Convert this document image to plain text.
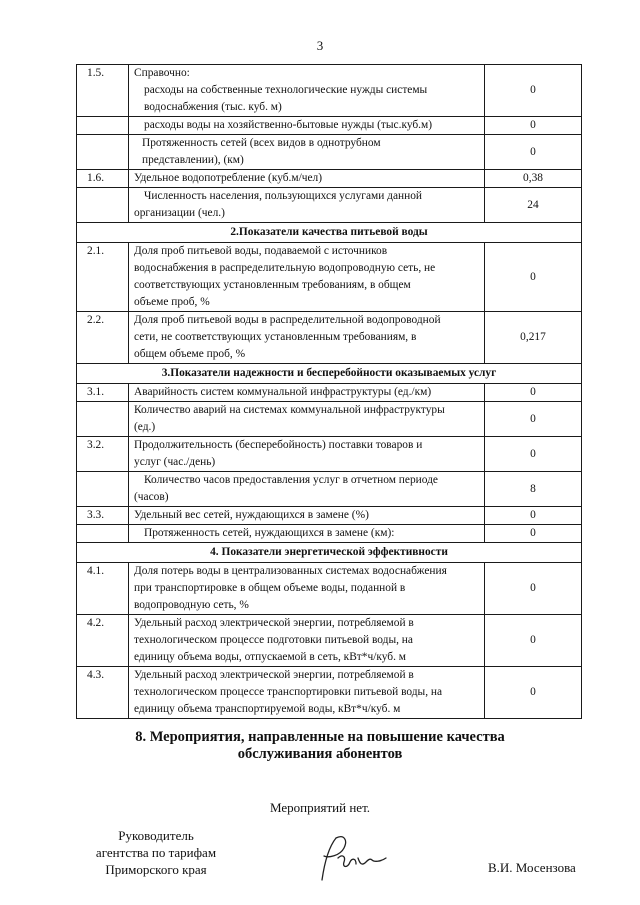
3
1.5.	Справочно:
расходы на собственные технологические нужды системы
водоснабжения (тыс. куб. м)	0

	расходы воды на хозяйственно-бытовые нужды (тыс.куб.м)	0

	Протяженность сетей (всех видов в однотрубном
представлении), (км)	0
1.6.	Удельное водопотребление (куб.м/чел)	0,38

	Численность населения, пользующихся услугами данной
организации (чел.)	24
2.Показатели качества питьевой воды		
2.1.	Доля проб питьевой воды, подаваемой с источников
водоснабжения в распределительную водопроводную сеть, не
соответствующих установленным требованиям, в общем
объеме проб, %	0
2.2.	Доля проб питьевой воды в распределительной водопроводной
сети, не соответствующих установленным требованиям, в
общем объеме проб, %	0,217
3.Показатели надежности и бесперебойности оказываемых услуг		
3.1.	Аварийность систем коммунальной инфраструктуры (ед./км)	0

	Количество аварий на системах коммунальной инфраструктуры
(ед.)	0
3.2.	Продолжительность (бесперебойность) поставки товаров и
услуг (час./день)	0

	Количество часов предоставления услуг в отчетном периоде
(часов)	8
3.3.	Удельный вес сетей, нуждающихся в замене (%)	0

	Протяженность сетей, нуждающихся в замене (км):	0
4. Показатели энергетической эффективности		
4.1.	Доля потерь воды в централизованных системах водоснабжения
при транспортировке в общем объеме воды, поданной в
водопроводную сеть, %	0
4.2.	Удельный расход электрической энергии, потребляемой в
технологическом процессе подготовки питьевой воды, на
единицу объема воды, отпускаемой в сеть, кВт*ч/куб. м	0
4.3.	Удельный расход электрической энергии, потребляемой в
технологическом процессе транспортировки питьевой воды, на
единицу объема транспортируемой воды, кВт*ч/куб. м	0
8. Мероприятия, направленные на повышение качества
обслуживания абонентов
Мероприятий нет.
Руководитель
агентства по тарифам
Приморского края	В.И. Мосензова
